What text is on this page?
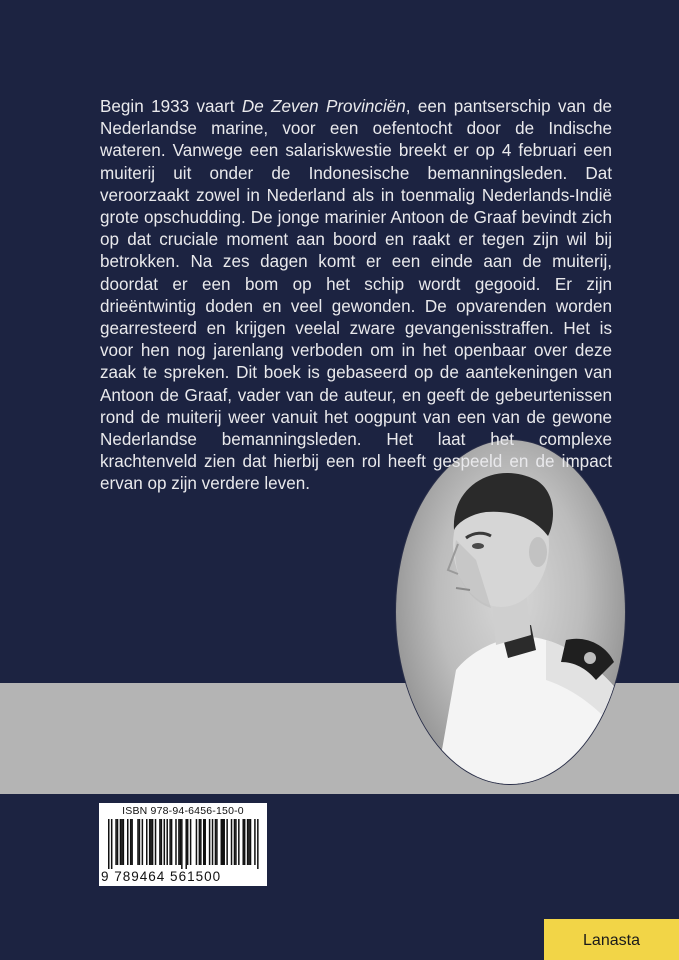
Begin 1933 vaart De Zeven Provinciën, een pantserschip van de Nederlandse marine, voor een oefentocht door de Indische wateren. Vanwege een salariskwestie breekt er op 4 februari een muiterij uit onder de Indonesische bemanningsleden. Dat veroorzaakt zowel in Nederland als in toenmalig Nederlands-Indië grote opschudding. De jonge marinier Antoon de Graaf bevindt zich op dat cruciale moment aan boord en raakt er tegen zijn wil bij betrokken. Na zes dagen komt er een einde aan de muiterij, doordat er een bom op het schip wordt gegooid. Er zijn drieëntwintig doden en veel gewonden. De opvarenden worden gearresteerd en krijgen veelal zware gevangenisstraffen. Het is voor hen nog jarenlang verboden om in het openbaar over deze zaak te spreken. Dit boek is gebaseerd op de aantekeningen van Antoon de Graaf, vader van de auteur, en geeft de gebeurtenissen rond de muiterij weer vanuit het oogpunt van een van de gewone Nederlandse bemanningsleden. Het laat het complexe krachtenveld zien dat hierbij een rol heeft gespeeld en de impact ervan op zijn verdere leven.

ISBN 978-94-6456-150-0
9 789464 561500
Lanasta
